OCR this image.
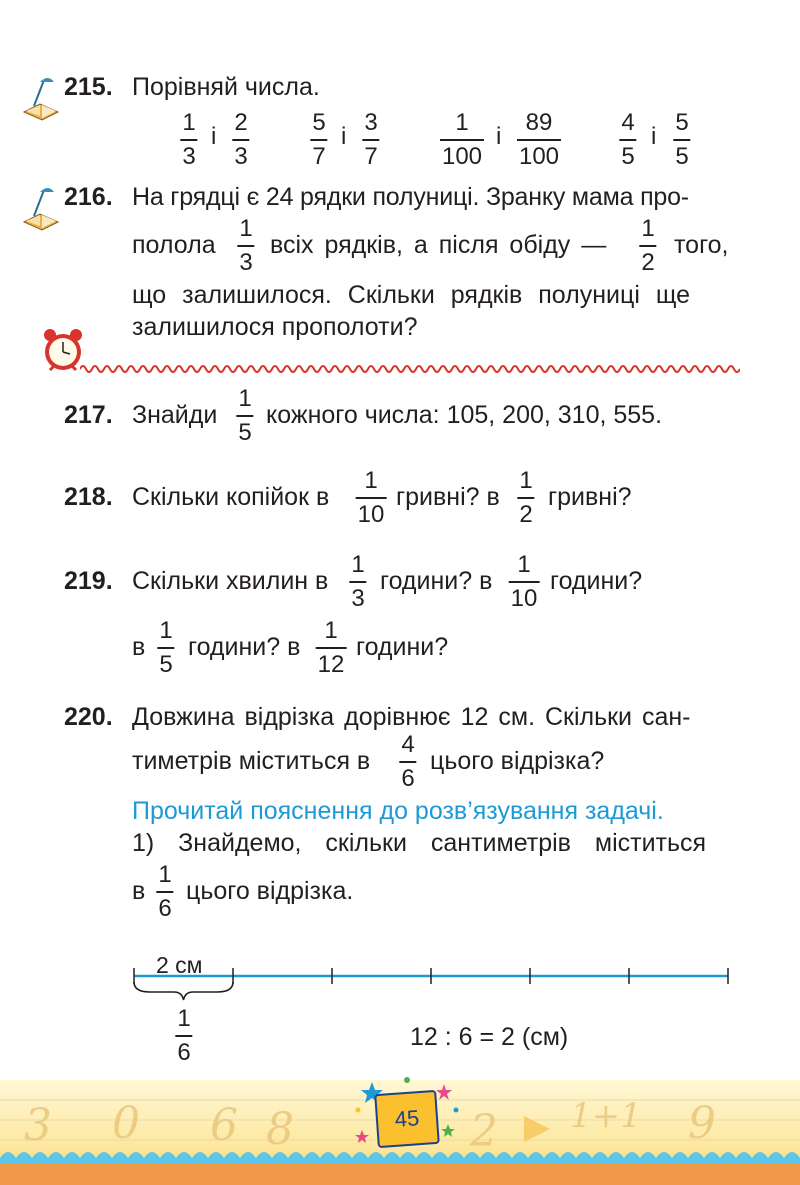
215. Порівняй числа.
1
3
і
2
3
5
7
і
3
7
1
100
і
89
100
4
5
і
5
5
216. На грядці є 24 рядки полуниці. Зранку мама про-
полола
1
3
всіх рядків, а після обіду —
1
2
того,
що залишилося. Скільки рядків полуниці ще
залишилося прополоти?
217. Знайди
1
5
кожного числа: 105, 200, 310, 555.
218. Скільки копійок в
1
10
гривні? в
1
2
гривні?
219. Скільки хвилин в
1
3
години? в
1
10
години?
в
1
5
години? в
1
12
години?
220. Довжина відрізка дорівнює 12 см. Скільки сан-
тиметрів міститься в
4
6
цього відрізка?
Прочитай пояснення до розв’язування задачі.
1) Знайдемо, скільки сантиметрів міститься
в
1
6
цього відрізка.
2 см
1
6
12 : 6 = 2 (см)
3 0 6 8	2 1+1 9
45
